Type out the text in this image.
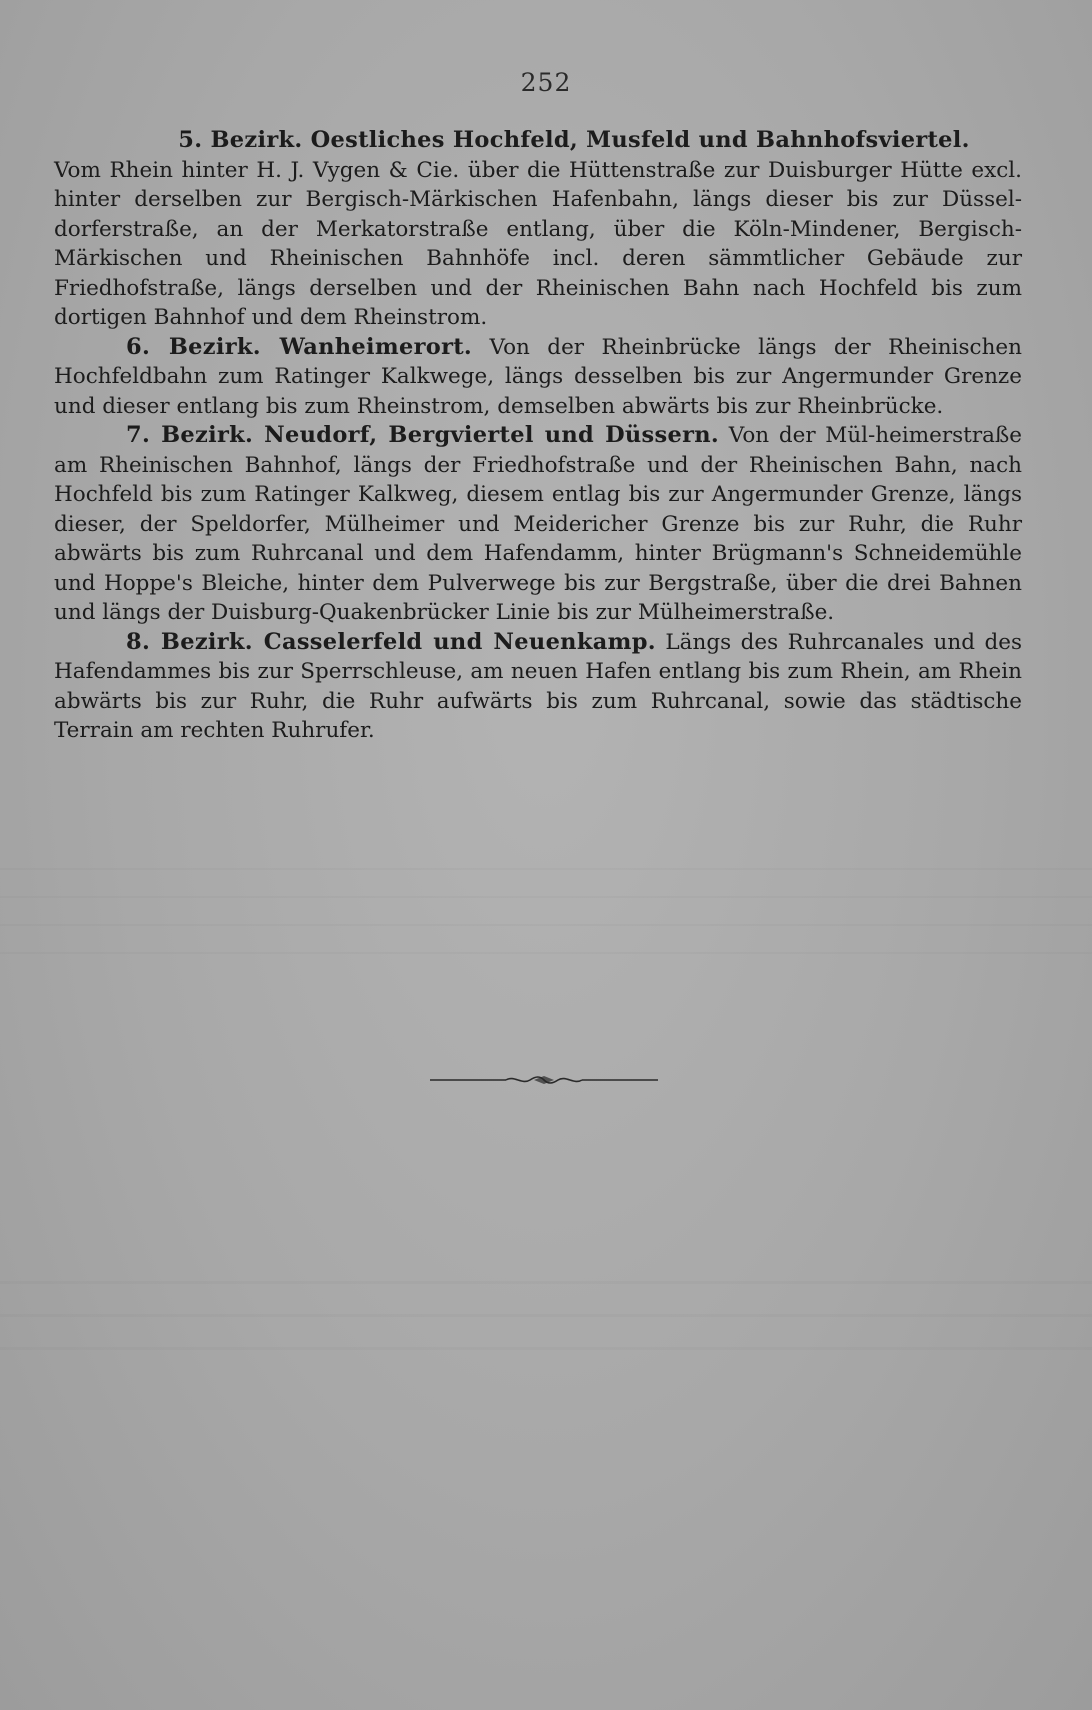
252

5. Bezirk. Oestliches Hochfeld, Musfeld und Bahnhofsviertel.
Vom Rhein hinter H. J. Vygen & Cie. über die Hüttenstraße zur Duisburger Hütte excl. hinter derselben zur Bergisch-Märkischen Hafenbahn, längs dieser bis zur Düssel-dorferstraße, an der Merkatorstraße entlang, über die Köln-Mindener, Bergisch-Märkischen und Rheinischen Bahnhöfe incl. deren sämmtlicher Gebäude zur Friedhofstraße, längs derselben und der Rheinischen Bahn nach Hochfeld bis zum dortigen Bahnhof und dem Rheinstrom.

6. Bezirk. Wanheimerort. Von der Rheinbrücke längs der Rheinischen Hochfeldbahn zum Ratinger Kalkwege, längs desselben bis zur Angermunder Grenze und dieser entlang bis zum Rheinstrom, demselben abwärts bis zur Rheinbrücke.

7. Bezirk. Neudorf, Bergviertel und Düssern. Von der Mül-heimerstraße am Rheinischen Bahnhof, längs der Friedhofstraße und der Rheinischen Bahn, nach Hochfeld bis zum Ratinger Kalkweg, diesem entlag bis zur Angermunder Grenze, längs dieser, der Speldorfer, Mülheimer und Meidericher Grenze bis zur Ruhr, die Ruhr abwärts bis zum Ruhrcanal und dem Hafendamm, hinter Brügmann's Schneidemühle und Hoppe's Bleiche, hinter dem Pulverwege bis zur Bergstraße, über die drei Bahnen und längs der Duisburg-Quakenbrücker Linie bis zur Mülheimerstraße.

8. Bezirk. Casselerfeld und Neuenkamp. Längs des Ruhrcanales und des Hafendammes bis zur Sperrschleuse, am neuen Hafen entlang bis zum Rhein, am Rhein abwärts bis zur Ruhr, die Ruhr aufwärts bis zum Ruhrcanal, sowie das städtische Terrain am rechten Ruhrufer.
